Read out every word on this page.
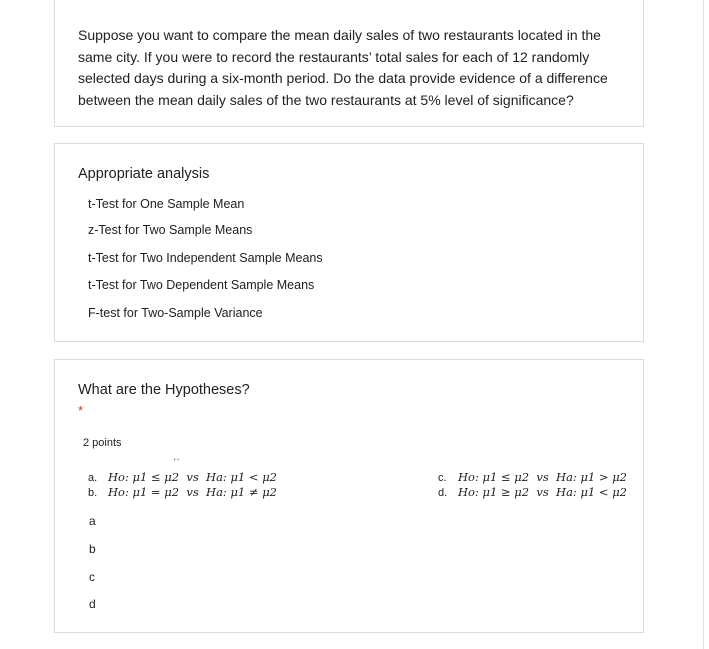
Suppose you want to compare the mean daily sales of two restaurants located in the same city. If you were to record the restaurants’ total sales for each of 12 randomly selected days during a six-month period. Do the data provide evidence of a difference between the mean daily sales of the two restaurants at 5% level of significance?
Appropriate analysis
t-Test for One Sample Mean
z-Test for Two Sample Means
t-Test for Two Independent Sample Means
t-Test for Two Dependent Sample Means
F-test for Two-Sample Variance
What are the Hypotheses?
*
2 points
··
a. Ho: μ1 ≤ μ2 vs Ha: μ1 < μ2
b. Ho: μ1 = μ2 vs Ha: μ1 ≠ μ2
c. Ho: μ1 ≤ μ2 vs Ha: μ1 > μ2
d. Ho: μ1 ≥ μ2 vs Ha: μ1 < μ2
a
b
c
d
